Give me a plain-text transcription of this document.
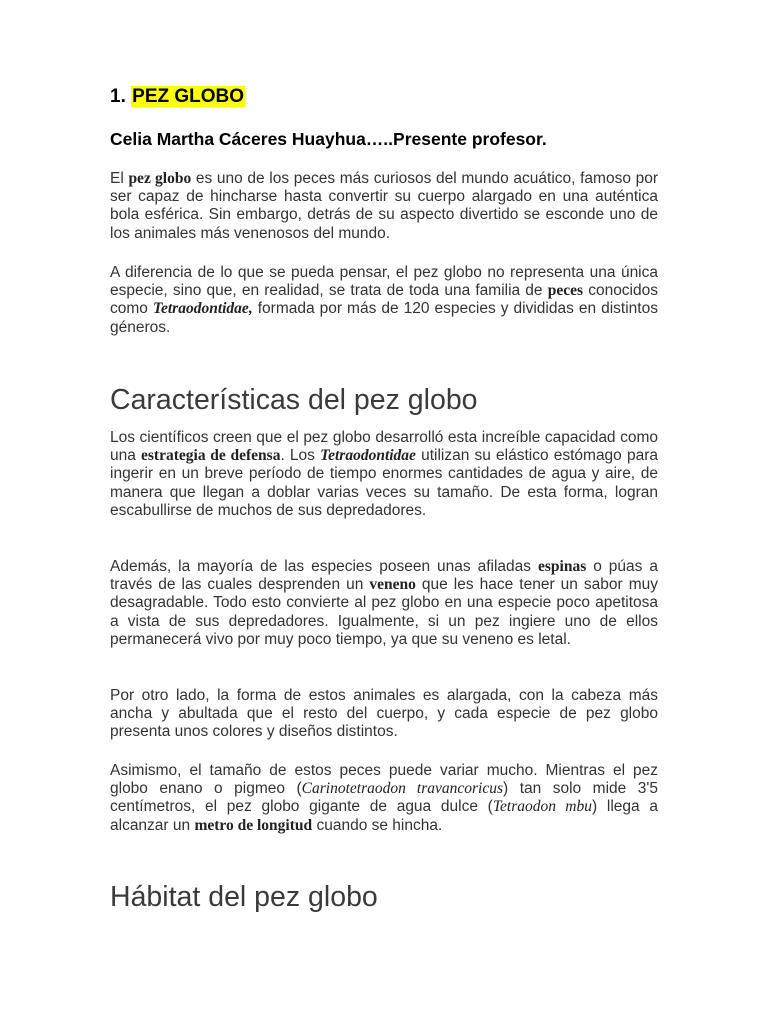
1. PEZ GLOBO
Celia Martha Cáceres Huayhua…..Presente profesor.
El pez globo es uno de los peces más curiosos del mundo acuático, famoso por ser capaz de hincharse hasta convertir su cuerpo alargado en una auténtica bola esférica. Sin embargo, detrás de su aspecto divertido se esconde uno de los animales más venenosos del mundo.
A diferencia de lo que se pueda pensar, el pez globo no representa una única especie, sino que, en realidad, se trata de toda una familia de peces conocidos como Tetraodontidae, formada por más de 120 especies y divididas en distintos géneros.
Características del pez globo
Los científicos creen que el pez globo desarrolló esta increíble capacidad como una estrategia de defensa. Los Tetraodontidae utilizan su elástico estómago para ingerir en un breve período de tiempo enormes cantidades de agua y aire, de manera que llegan a doblar varias veces su tamaño. De esta forma, logran escabullirse de muchos de sus depredadores.
Además, la mayoría de las especies poseen unas afiladas espinas o púas a través de las cuales desprenden un veneno que les hace tener un sabor muy desagradable. Todo esto convierte al pez globo en una especie poco apetitosa a vista de sus depredadores. Igualmente, si un pez ingiere uno de ellos permanecerá vivo por muy poco tiempo, ya que su veneno es letal.
Por otro lado, la forma de estos animales es alargada, con la cabeza más ancha y abultada que el resto del cuerpo, y cada especie de pez globo presenta unos colores y diseños distintos.
Asimismo, el tamaño de estos peces puede variar mucho. Mientras el pez globo enano o pigmeo (Carinotetraodon travancoricus) tan solo mide 3'5 centímetros, el pez globo gigante de agua dulce (Tetraodon mbu) llega a alcanzar un metro de longitud cuando se hincha.
Hábitat del pez globo
